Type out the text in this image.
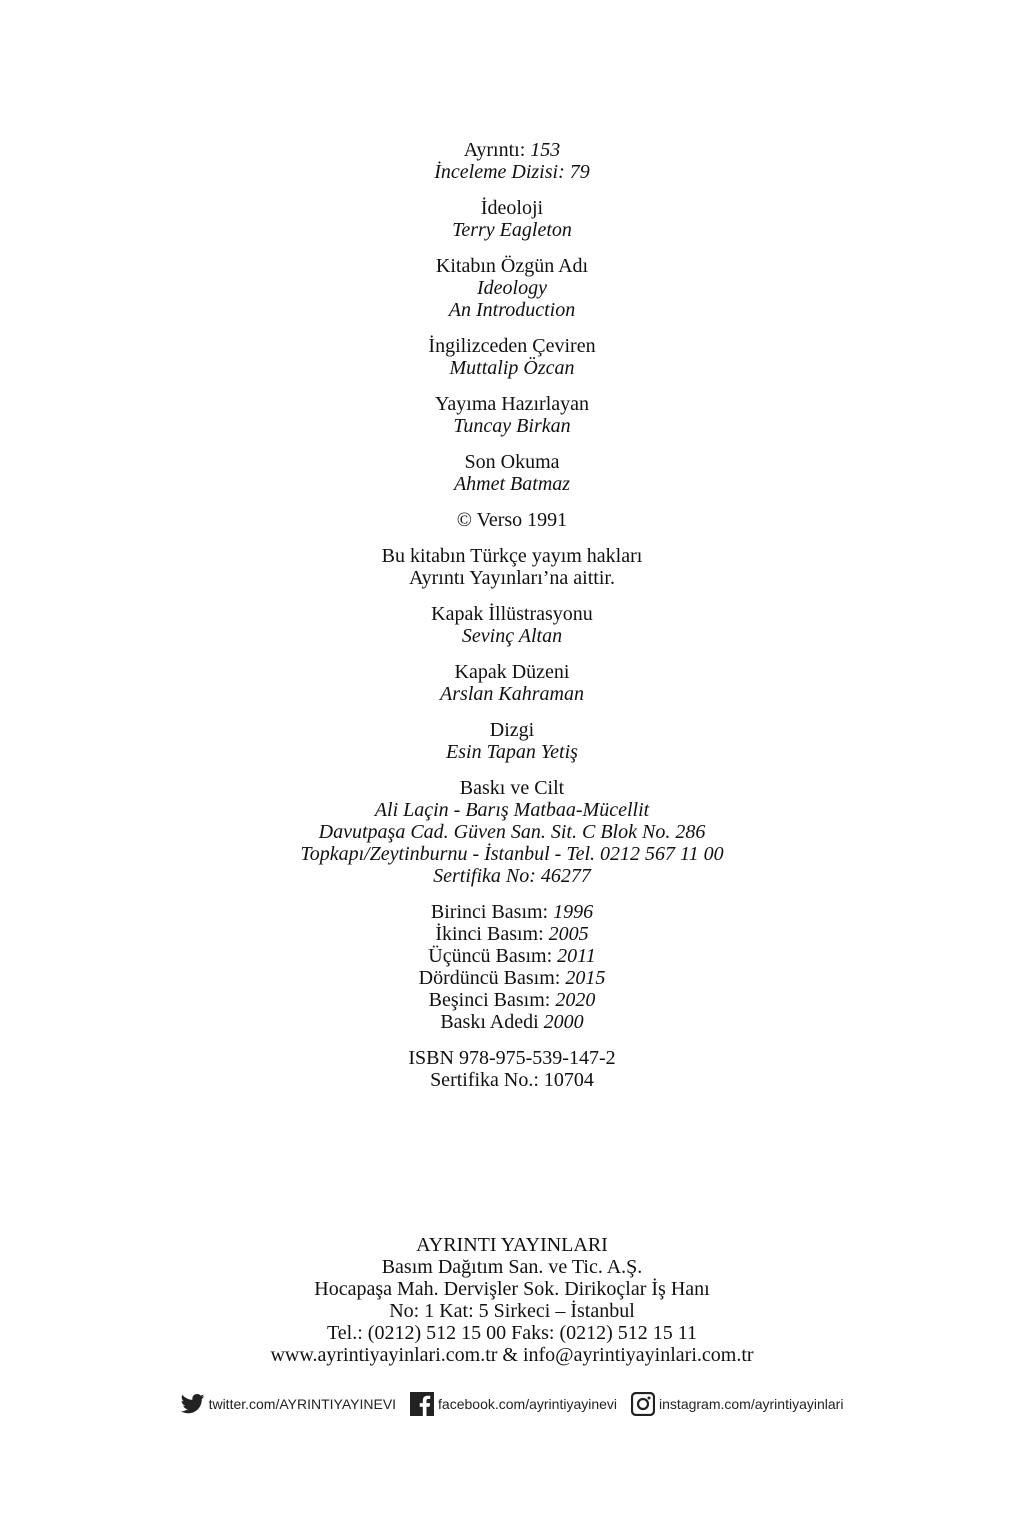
Ayrıntı: 153
İnceleme Dizisi: 79
İdeoloji
Terry Eagleton
Kitabın Özgün Adı
Ideology
An Introduction
İngilizceden Çeviren
Muttalip Özcan
Yayıma Hazırlayan
Tuncay Birkan
Son Okuma
Ahmet Batmaz
© Verso 1991
Bu kitabın Türkçe yayım hakları
Ayrıntı Yayınları’na aittir.
Kapak İllüstrasyonu
Sevinç Altan
Kapak Düzeni
Arslan Kahraman
Dizgi
Esin Tapan Yetiş
Baskı ve Cilt
Ali Laçin - Barış Matbaa-Mücellit
Davutpaşa Cad. Güven San. Sit. C Blok No. 286
Topkapı/Zeytinburnu - İstanbul - Tel. 0212 567 11 00
Sertifika No: 46277
Birinci Basım: 1996
İkinci Basım: 2005
Üçüncü Basım: 2011
Dördüncü Basım: 2015
Beşinci Basım: 2020
Baskı Adedi 2000
ISBN 978-975-539-147-2
Sertifika No.: 10704
AYRINTI YAYINLARI
Basım Dağıtım San. ve Tic. A.Ş.
Hocapaşa Mah. Dervişler Sok. Dirikoçlar İş Hanı
No: 1 Kat: 5 Sirkeci – İstanbul
Tel.: (0212) 512 15 00 Faks: (0212) 512 15 11
www.ayrintiyayinlari.com.tr & info@ayrintiyayinlari.com.tr
twitter.com/AYRINTIYAYINEVI	facebook.com/ayrintiyayinevi	instagram.com/ayrintiyayinlari
